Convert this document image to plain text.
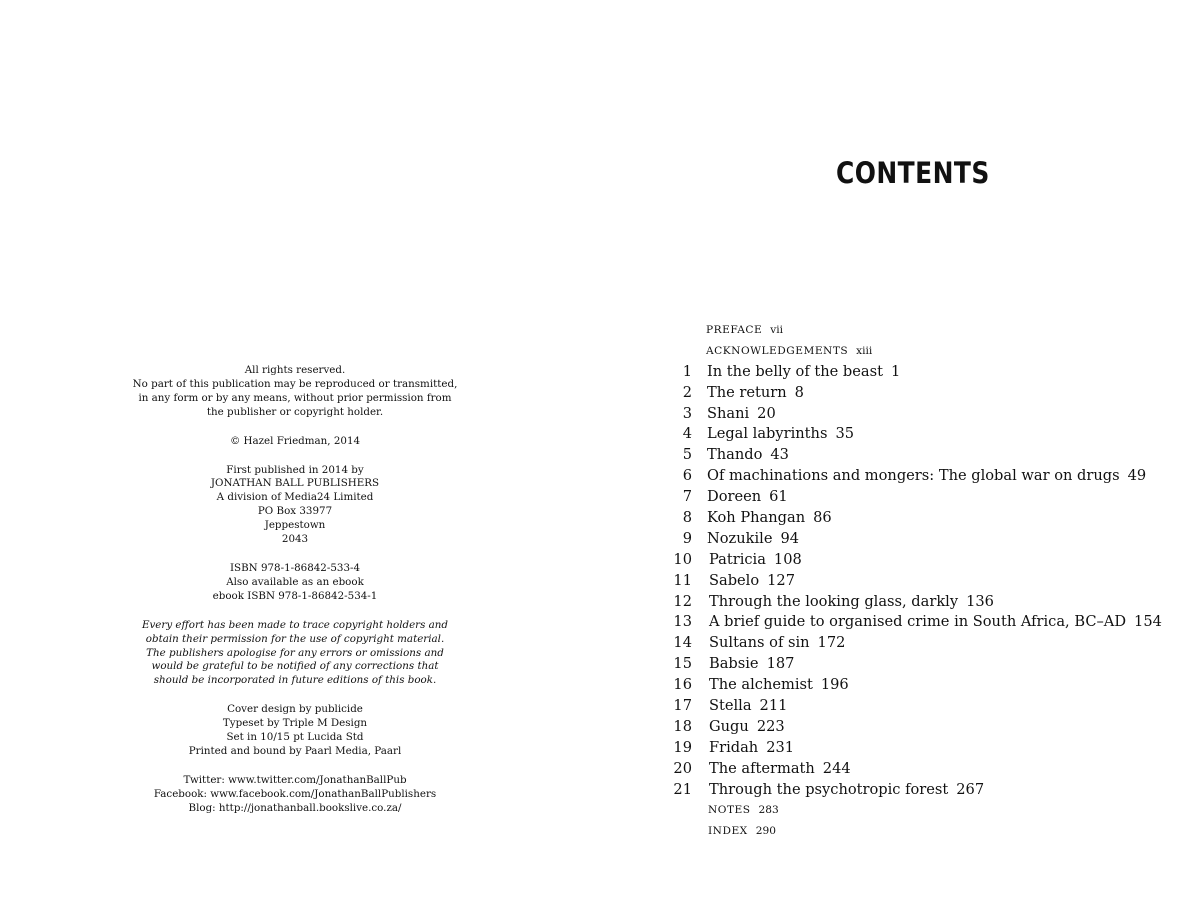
All rights reserved.
No part of this publication may be reproduced or transmitted,
in any form or by any means, without prior permission from
the publisher or copyright holder.
© Hazel Friedman, 2014
First published in 2014 by
JONATHAN BALL PUBLISHERS
A division of Media24 Limited
PO Box 33977
Jeppestown
2043
ISBN 978-1-86842-533-4
Also available as an ebook
ebook ISBN 978-1-86842-534-1
Every effort has been made to trace copyright holders and
obtain their permission for the use of copyright material.
The publishers apologise for any errors or omissions and
would be grateful to be notified of any corrections that
should be incorporated in future editions of this book.
Cover design by publicide
Typeset by Triple M Design
Set in 10/15 pt Lucida Std
Printed and bound by Paarl Media, Paarl
Twitter: www.twitter.com/JonathanBallPub
Facebook: www.facebook.com/JonathanBallPublishers
Blog: http://jonathanball.bookslive.co.za/
CONTENTS
PREFACE vii
ACKNOWLEDGEMENTS xiii
1 In the belly of the beast 1
2 The return 8
3 Shani 20
4 Legal labyrinths 35
5 Thando 43
6 Of machinations and mongers: The global war on drugs 49
7 Doreen 61
8 Koh Phangan 86
9 Nozukile 94
10 Patricia 108
11 Sabelo 127
12 Through the looking glass, darkly 136
13 A brief guide to organised crime in South Africa, BC–AD 154
14 Sultans of sin 172
15 Babsie 187
16 The alchemist 196
17 Stella 211
18 Gugu 223
19 Fridah 231
20 The aftermath 244
21 Through the psychotropic forest 267
NOTES 283
INDEX 290
